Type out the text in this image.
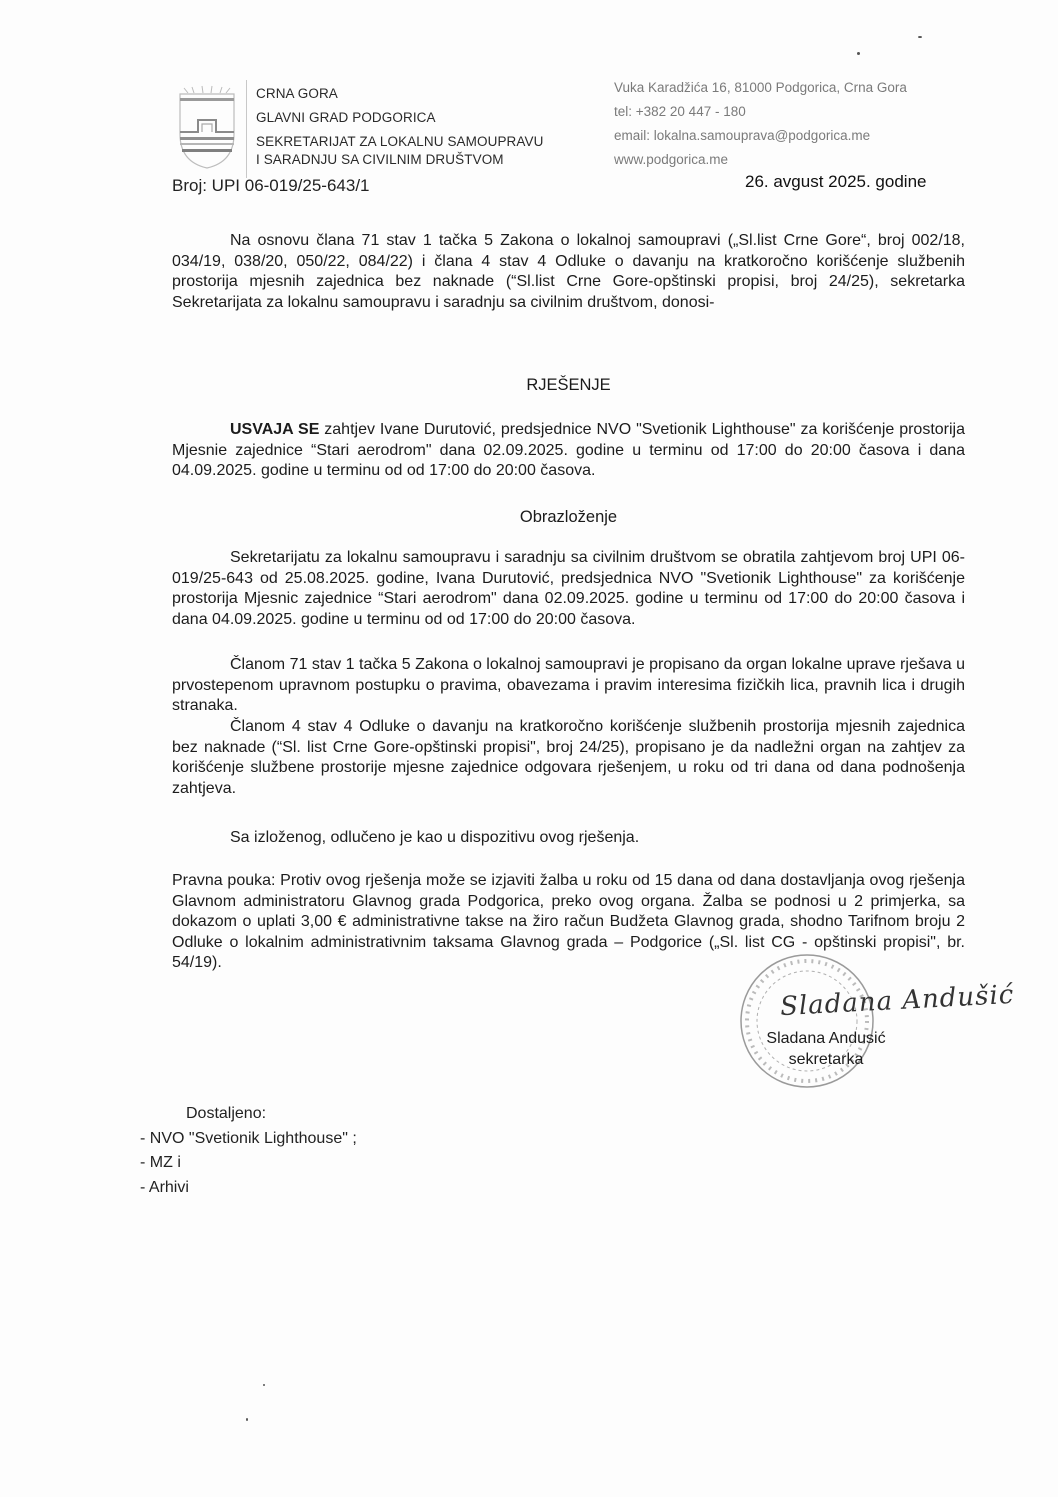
CRNA GORA
GLAVNI GRAD PODGORICA
SEKRETARIJAT ZA LOKALNU SAMOUPRAVU
I SARADNJU SA CIVILNIM DRUŠTVOM
Vuka Karadžića 16, 81000 Podgorica, Crna Gora
tel: +382 20 447 - 180
email: lokalna.samouprava@podgorica.me
www.podgorica.me
Broj: UPI 06-019/25-643/1	26. avgust 2025. godine
Na osnovu člana 71 stav 1 tačka 5 Zakona o lokalnoj samoupravi („Sl.list Crne Gore“, broj 002/18, 034/19, 038/20, 050/22, 084/22) i člana 4 stav 4 Odluke o davanju na kratkoročno korišćenje službenih prostorija mjesnih zajednica bez naknade (“Sl.list Crne Gore-opštinski propisi, broj 24/25), sekretarka Sekretarijata za lokalnu samoupravu i saradnju sa civilnim društvom, donosi-
RJEŠENJE
USVAJA SE zahtjev Ivane Durutović, predsjednice NVO "Svetionik Lighthouse" za korišćenje prostorija Mjesnie zajednice “Stari aerodrom" dana 02.09.2025. godine u terminu od 17:00 do 20:00 časova i dana 04.09.2025. godine u terminu od od 17:00 do 20:00 časova.
Obrazloženje
Sekretarijatu za lokalnu samoupravu i saradnju sa civilnim društvom se obratila zahtjevom broj UPI 06-019/25-643 od 25.08.2025. godine, Ivana Durutović, predsjednica NVO "Svetionik Lighthouse" za korišćenje prostorija Mjesnic zajednice “Stari aerodrom" dana 02.09.2025. godine u terminu od 17:00 do 20:00 časova i dana 04.09.2025. godine u terminu od od 17:00 do 20:00 časova.
Članom 71 stav 1 tačka 5 Zakona o lokalnoj samoupravi je propisano da organ lokalne uprave rješava u prvostepenom upravnom postupku o pravima, obavezama i pravim interesima fizičkih lica, pravnih lica i drugih stranaka.
Članom 4 stav 4 Odluke o davanju na kratkoročno korišćenje službenih prostorija mjesnih zajednica bez naknade (“Sl. list Crne Gore-opštinski propisi", broj 24/25), propisano je da nadležni organ na zahtjev za korišćenje službene prostorije mjesne zajednice odgovara rješenjem, u roku od tri dana od dana podnošenja zahtjeva.
Sa izloženog, odlučeno je kao u dispozitivu ovog rješenja.
Pravna pouka: Protiv ovog rješenja može se izjaviti žalba u roku od 15 dana od dana dostavljanja ovog rješenja Glavnom administratoru Glavnog grada Podgorica, preko ovog organa. Žalba se podnosi u 2 primjerka, sa dokazom o uplati 3,00 € administrativne takse na žiro račun Budžeta Glavnog grada, shodno Tarifnom broju 2 Odluke o lokalnim administrativnim taksama Glavnog grada – Podgorice („Sl. list CG - opštinski propisi", br. 54/19).
Sladana Andušić
Sladana Andusić
sekretarka
Dostaljeno:
- NVO "Svetionik Lighthouse" ;
- MZ i
- Arhivi
